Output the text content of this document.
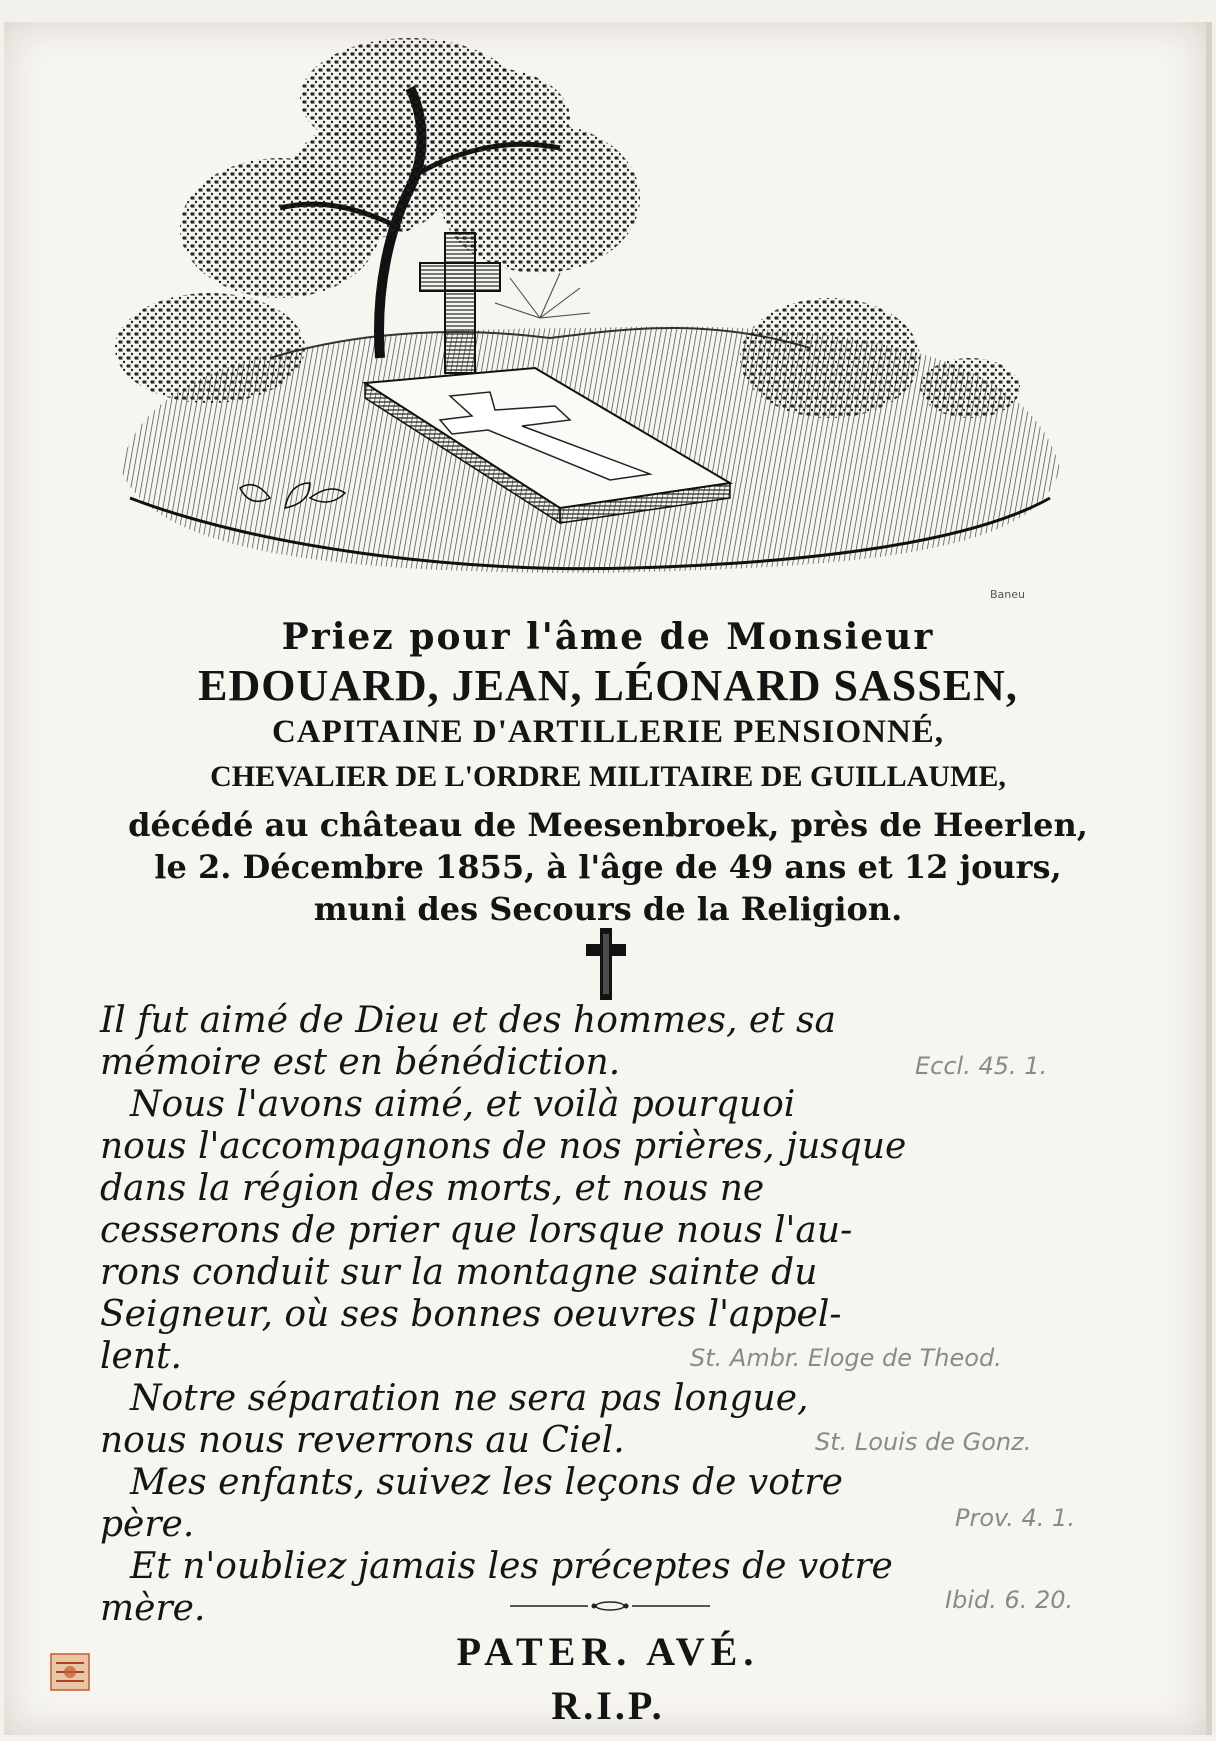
Baneu
Priez pour l'âme de Monsieur
EDOUARD, JEAN, LÉONARD SASSEN,
CAPITAINE D'ARTILLERIE PENSIONNÉ,
CHEVALIER DE L'ORDRE MILITAIRE DE GUILLAUME,
décédé au château de Meesenbroek, près de Heerlen,
le 2. Décembre 1855, à l'âge de 49 ans et 12 jours,
muni des Secours de la Religion.
Il fut aimé de Dieu et des hommes, et sa
mémoire est en bénédiction.	Eccl. 45. 1.
Nous l'avons aimé, et voilà pourquoi
nous l'accompagnons de nos prières, jusque
dans la région des morts, et nous ne
cesserons de prier que lorsque nous l'au-
rons conduit sur la montagne sainte du
Seigneur, où ses bonnes oeuvres l'appel-
lent.	St. Ambr. Eloge de Theod.
Notre séparation ne sera pas longue,
nous nous reverrons au Ciel.	St. Louis de Gonz.
Mes enfants, suivez les leçons de votre
père.	Prov. 4. 1.
Et n'oubliez jamais les préceptes de votre
mère.	Ibid. 6. 20.
PATER. AVÉ.
R.I.P.
